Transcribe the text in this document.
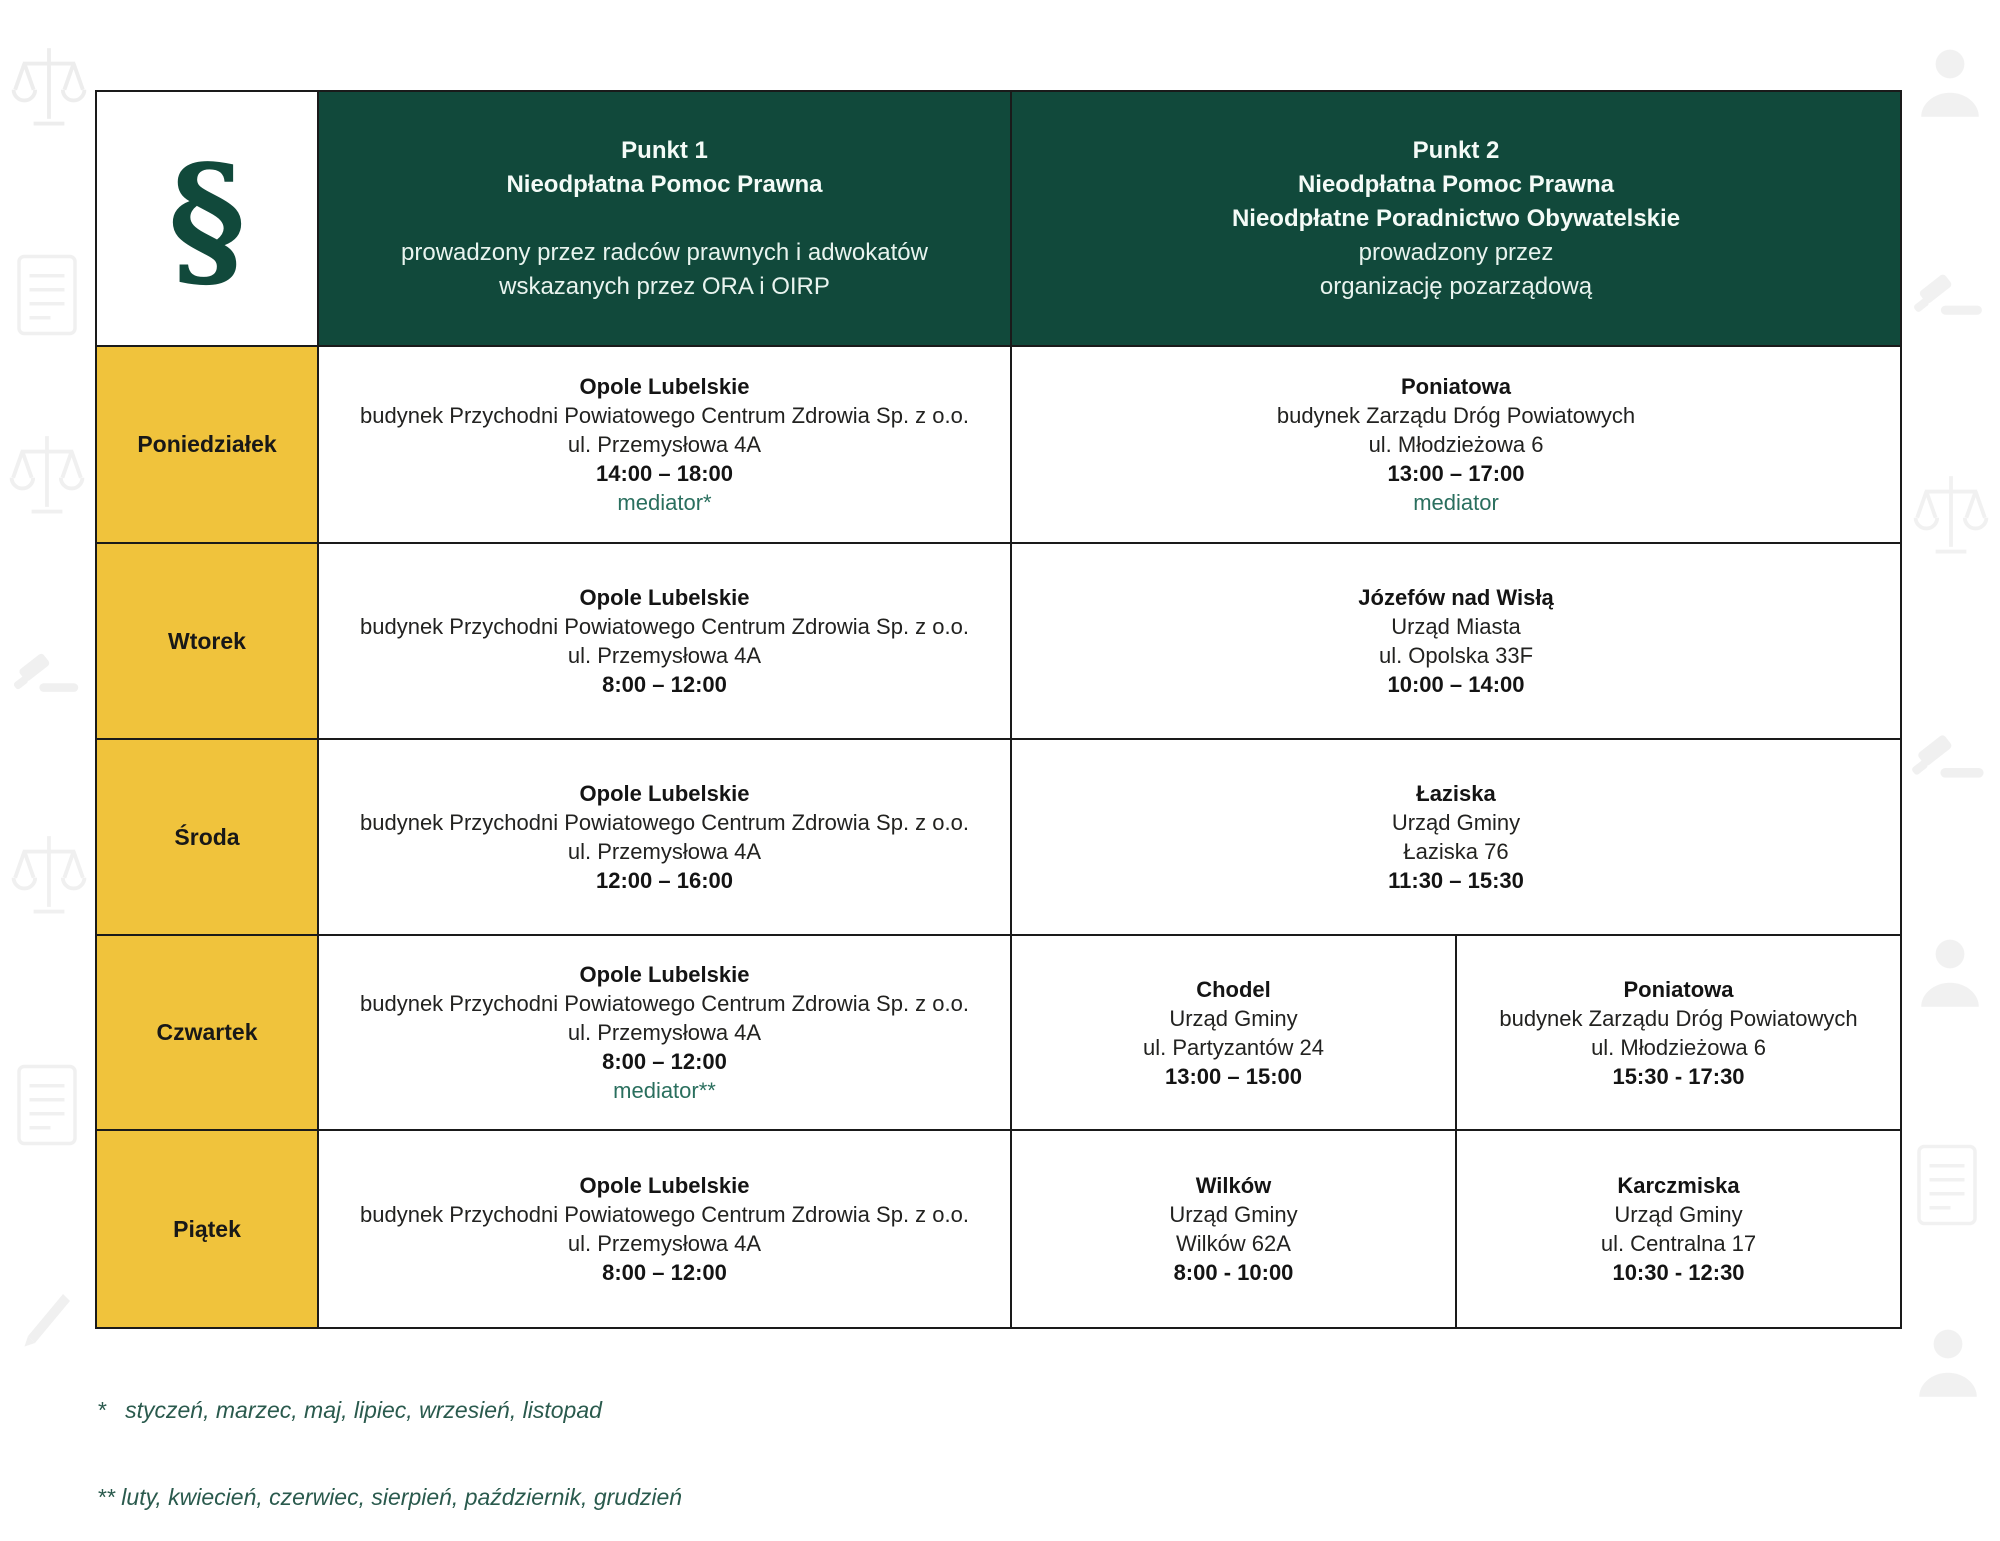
§	Punkt 1
Nieodpłatna Pomoc Prawna
prowadzony przez radców prawnych i adwokatów
wskazanych przez ORA i OIRP
Punkt 2
Nieodpłatna Pomoc Prawna
Nieodpłatne Poradnictwo Obywatelskie
prowadzony przez
organizację pozarządową
Poniedziałek
Opole Lubelskie
budynek Przychodni Powiatowego Centrum Zdrowia Sp. z o.o.
ul. Przemysłowa 4A
14:00 – 18:00
mediator*
Poniatowa
budynek Zarządu Dróg Powiatowych
ul. Młodzieżowa 6
13:00 – 17:00
mediator
Wtorek
Opole Lubelskie
budynek Przychodni Powiatowego Centrum Zdrowia Sp. z o.o.
ul. Przemysłowa 4A
8:00 – 12:00
Józefów nad Wisłą
Urząd Miasta
ul. Opolska 33F
10:00 – 14:00
Środa
Opole Lubelskie
budynek Przychodni Powiatowego Centrum Zdrowia Sp. z o.o.
ul. Przemysłowa 4A
12:00 – 16:00
Łaziska
Urząd Gminy
Łaziska 76
11:30 – 15:30
Czwartek
Opole Lubelskie
budynek Przychodni Powiatowego Centrum Zdrowia Sp. z o.o.
ul. Przemysłowa 4A
8:00 – 12:00
mediator**
Chodel
Urząd Gminy
ul. Partyzantów 24
13:00 – 15:00
Poniatowa
budynek Zarządu Dróg Powiatowych
ul. Młodzieżowa 6
15:30 - 17:30
Piątek
Opole Lubelskie
budynek Przychodni Powiatowego Centrum Zdrowia Sp. z o.o.
ul. Przemysłowa 4A
8:00 – 12:00
Wilków
Urząd Gminy
Wilków 62A
8:00 - 10:00
Karczmiska
Urząd Gminy
ul. Centralna 17
10:30 - 12:30

*   styczeń, marzec, maj, lipiec, wrzesień, listopad

** luty, kwiecień, czerwiec, sierpień, październik, grudzień
